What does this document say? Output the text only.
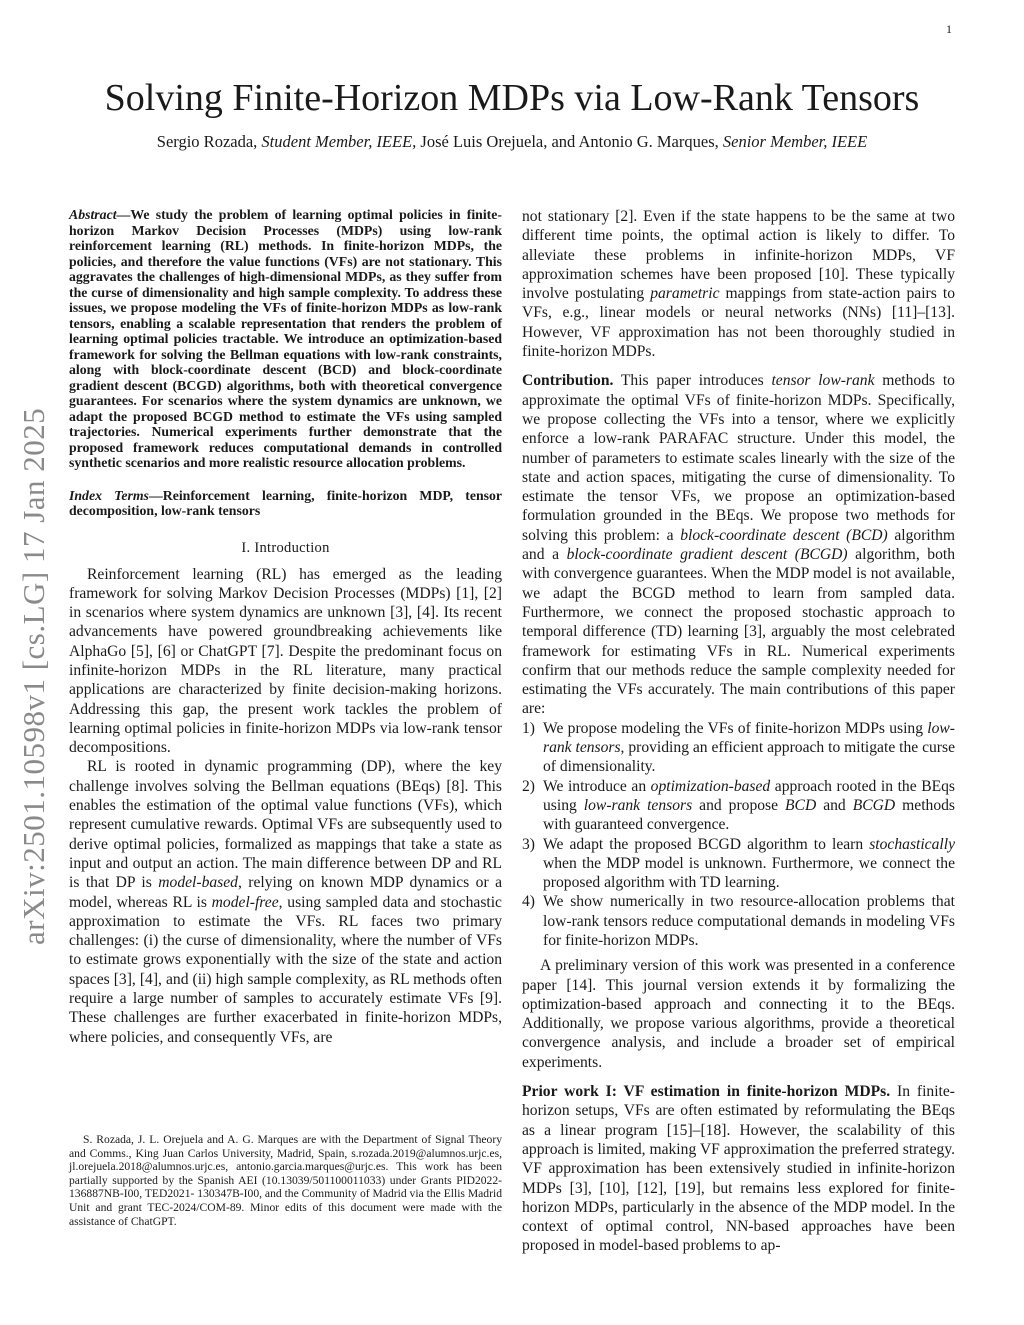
1
arXiv:2501.10598v1 [cs.LG] 17 Jan 2025
Solving Finite-Horizon MDPs via Low-Rank Tensors
Sergio Rozada, Student Member, IEEE, José Luis Orejuela, and Antonio G. Marques, Senior Member, IEEE

Abstract—We study the problem of learning optimal policies in finite-horizon Markov Decision Processes (MDPs) using low-rank reinforcement learning (RL) methods. In finite-horizon MDPs, the policies, and therefore the value functions (VFs) are not stationary. This aggravates the challenges of high-dimensional MDPs, as they suffer from the curse of dimensionality and high sample complexity. To address these issues, we propose modeling the VFs of finite-horizon MDPs as low-rank tensors, enabling a scalable representation that renders the problem of learning optimal policies tractable. We introduce an optimization-based framework for solving the Bellman equations with low-rank constraints, along with block-coordinate descent (BCD) and block-coordinate gradient descent (BCGD) algorithms, both with theoretical convergence guarantees. For scenarios where the system dynamics are unknown, we adapt the proposed BCGD method to estimate the VFs using sampled trajectories. Numerical experiments further demonstrate that the proposed framework reduces computational demands in controlled synthetic scenarios and more realistic resource allocation problems.

Index Terms—Reinforcement learning, finite-horizon MDP, tensor decomposition, low-rank tensors

I. Introduction

Reinforcement learning (RL) has emerged as the leading framework for solving Markov Decision Processes (MDPs) [1], [2] in scenarios where system dynamics are unknown [3], [4]. Its recent advancements have powered groundbreaking achievements like AlphaGo [5], [6] or ChatGPT [7]. Despite the predominant focus on infinite-horizon MDPs in the RL literature, many practical applications are characterized by finite decision-making horizons. Addressing this gap, the present work tackles the problem of learning optimal policies in finite-horizon MDPs via low-rank tensor decompositions.

RL is rooted in dynamic programming (DP), where the key challenge involves solving the Bellman equations (BEqs) [8]. This enables the estimation of the optimal value functions (VFs), which represent cumulative rewards. Optimal VFs are subsequently used to derive optimal policies, formalized as mappings that take a state as input and output an action. The main difference between DP and RL is that DP is model-based, relying on known MDP dynamics or a model, whereas RL is model-free, using sampled data and stochastic approximation to estimate the VFs. RL faces two primary challenges: (i) the curse of dimensionality, where the number of VFs to estimate grows exponentially with the size of the state and action spaces [3], [4], and (ii) high sample complexity, as RL methods often require a large number of samples to accurately estimate VFs [9]. These challenges are further exacerbated in finite-horizon MDPs, where policies, and consequently VFs, are

S. Rozada, J. L. Orejuela and A. G. Marques are with the Department of Signal Theory and Comms., King Juan Carlos University, Madrid, Spain, s.rozada.2019@alumnos.urjc.es, jl.orejuela.2018@alumnos.urjc.es, antonio.garcia.marques@urjc.es. This work has been partially supported by the Spanish AEI (10.13039/501100011033) under Grants PID2022-136887NB-I00, TED2021- 130347B-I00, and the Community of Madrid via the Ellis Madrid Unit and grant TEC-2024/COM-89. Minor edits of this document were made with the assistance of ChatGPT.

not stationary [2]. Even if the state happens to be the same at two different time points, the optimal action is likely to differ. To alleviate these problems in infinite-horizon MDPs, VF approximation schemes have been proposed [10]. These typically involve postulating parametric mappings from state-action pairs to VFs, e.g., linear models or neural networks (NNs) [11]–[13]. However, VF approximation has not been thoroughly studied in finite-horizon MDPs.

Contribution. This paper introduces tensor low-rank methods to approximate the optimal VFs of finite-horizon MDPs. Specifically, we propose collecting the VFs into a tensor, where we explicitly enforce a low-rank PARAFAC structure. Under this model, the number of parameters to estimate scales linearly with the size of the state and action spaces, mitigating the curse of dimensionality. To estimate the tensor VFs, we propose an optimization-based formulation grounded in the BEqs. We propose two methods for solving this problem: a block-coordinate descent (BCD) algorithm and a block-coordinate gradient descent (BCGD) algorithm, both with convergence guarantees. When the MDP model is not available, we adapt the BCGD method to learn from sampled data. Furthermore, we connect the proposed stochastic approach to temporal difference (TD) learning [3], arguably the most celebrated framework for estimating VFs in RL. Numerical experiments confirm that our methods reduce the sample complexity needed for estimating the VFs accurately. The main contributions of this paper are:

1) We propose modeling the VFs of finite-horizon MDPs using low-rank tensors, providing an efficient approach to mitigate the curse of dimensionality.
2) We introduce an optimization-based approach rooted in the BEqs using low-rank tensors and propose BCD and BCGD methods with guaranteed convergence.
3) We adapt the proposed BCGD algorithm to learn stochastically when the MDP model is unknown. Furthermore, we connect the proposed algorithm with TD learning.
4) We show numerically in two resource-allocation problems that low-rank tensors reduce computational demands in modeling VFs for finite-horizon MDPs.

A preliminary version of this work was presented in a conference paper [14]. This journal version extends it by formalizing the optimization-based approach and connecting it to the BEqs. Additionally, we propose various algorithms, provide a theoretical convergence analysis, and include a broader set of empirical experiments.

Prior work I: VF estimation in finite-horizon MDPs. In finite-horizon setups, VFs are often estimated by reformulating the BEqs as a linear program [15]–[18]. However, the scalability of this approach is limited, making VF approximation the preferred strategy. VF approximation has been extensively studied in infinite-horizon MDPs [3], [10], [12], [19], but remains less explored for finite-horizon MDPs, particularly in the absence of the MDP model. In the context of optimal control, NN-based approaches have been proposed in model-based problems to ap-
